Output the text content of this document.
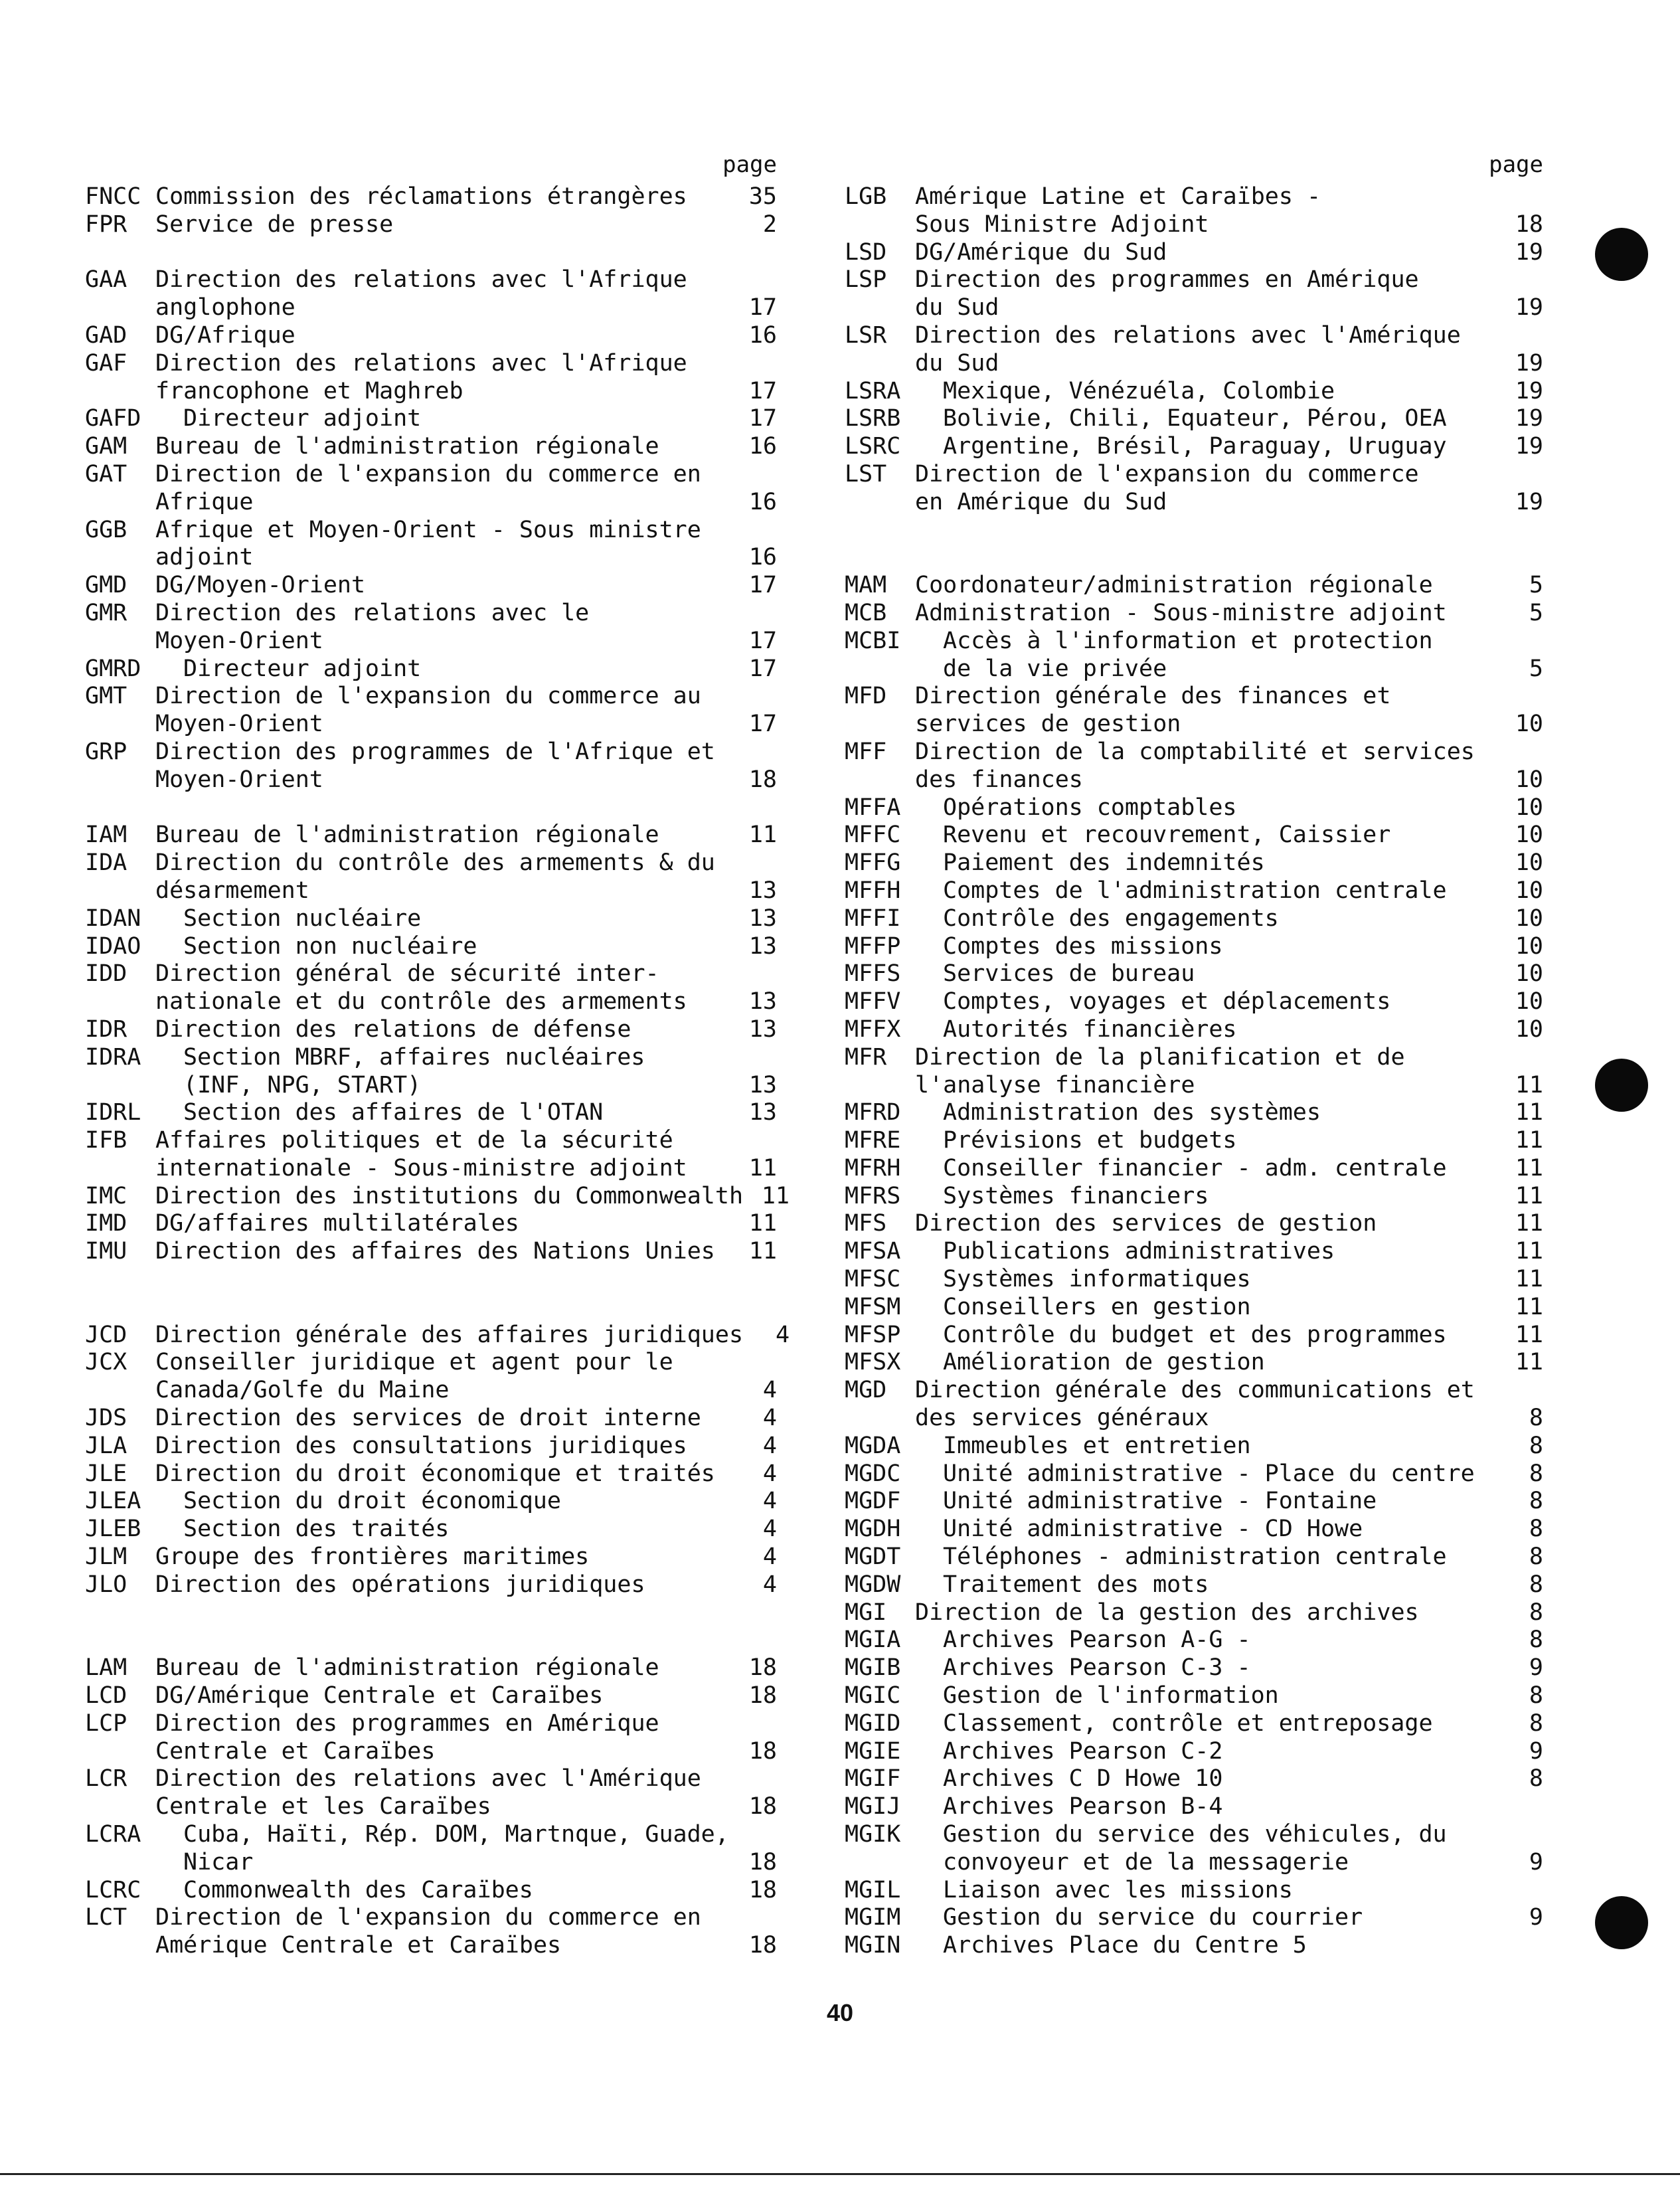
page
FNCC Commission des réclamations étrangères	35
FPR	Service de presse	2
GAA	Direction des relations avec l'Afrique
anglophone	17
GAD	DG/Afrique	16
GAF	Direction des relations avec l'Afrique
francophone et Maghreb	17
GAFD	Directeur adjoint	17
GAM	Bureau de l'administration régionale	16
GAT	Direction de l'expansion du commerce en
Afrique	16
GGB	Afrique et Moyen-Orient - Sous ministre
adjoint	16
GMD	DG/Moyen-Orient	17
GMR	Direction des relations avec le
Moyen-Orient	17
GMRD	Directeur adjoint	17
GMT	Direction de l'expansion du commerce au
Moyen-Orient	17
GRP	Direction des programmes de l'Afrique et
Moyen-Orient	18
IAM	Bureau de l'administration régionale	11
IDA	Direction du contrôle des armements & du
désarmement	13
IDAN	Section nucléaire	13
IDAO	Section non nucléaire	13
IDD	Direction général de sécurité inter-
nationale et du contrôle des armements	13
IDR	Direction des relations de défense	13
IDRA	Section MBRF, affaires nucléaires
(INF, NPG, START)	13
IDRL	Section des affaires de l'OTAN	13
IFB	Affaires politiques et de la sécurité
internationale - Sous-ministre adjoint	11
IMC	Direction des institutions du Commonwealth 11
IMD	DG/affaires multilatérales	11
IMU	Direction des affaires des Nations Unies	11
JCD	Direction générale des affaires juridiques	4
JCX	Conseiller juridique et agent pour le
Canada/Golfe du Maine	4
JDS	Direction des services de droit interne	4
JLA	Direction des consultations juridiques	4
JLE	Direction du droit économique et traités	4
JLEA	Section du droit économique	4
JLEB	Section des traités	4
JLM	Groupe des frontières maritimes	4
JLO	Direction des opérations juridiques	4
LAM	Bureau de l'administration régionale	18
LCD	DG/Amérique Centrale et Caraïbes	18
LCP	Direction des programmes en Amérique
Centrale et Caraïbes	18
LCR	Direction des relations avec l'Amérique
Centrale et les Caraïbes	18
LCRA	Cuba, Haïti, Rép. DOM, Martnque, Guade,
Nicar	18
LCRC	Commonwealth des Caraïbes	18
LCT	Direction de l'expansion du commerce en
Amérique Centrale et Caraïbes	18
page
LGB	Amérique Latine et Caraïbes -
Sous Ministre Adjoint	18
LSD	DG/Amérique du Sud	19
LSP	Direction des programmes en Amérique
du Sud	19
LSR	Direction des relations avec l'Amérique
du Sud	19
LSRA	Mexique, Vénézuéla, Colombie	19
LSRB	Bolivie, Chili, Equateur, Pérou, OEA	19
LSRC	Argentine, Brésil, Paraguay, Uruguay	19
LST	Direction de l'expansion du commerce
en Amérique du Sud	19
MAM	Coordonateur/administration régionale	5
MCB	Administration - Sous-ministre adjoint	5
MCBI	Accès à l'information et protection
de la vie privée	5
MFD	Direction générale des finances et
services de gestion	10
MFF	Direction de la comptabilité et services
des finances	10
MFFA	Opérations comptables	10
MFFC	Revenu et recouvrement, Caissier	10
MFFG	Paiement des indemnités	10
MFFH	Comptes de l'administration centrale	10
MFFI	Contrôle des engagements	10
MFFP	Comptes des missions	10
MFFS	Services de bureau	10
MFFV	Comptes, voyages et déplacements	10
MFFX	Autorités financières	10
MFR	Direction de la planification et de
l'analyse financière	11
MFRD	Administration des systèmes	11
MFRE	Prévisions et budgets	11
MFRH	Conseiller financier - adm. centrale	11
MFRS	Systèmes financiers	11
MFS	Direction des services de gestion	11
MFSA	Publications administratives	11
MFSC	Systèmes informatiques	11
MFSM	Conseillers en gestion	11
MFSP	Contrôle du budget et des programmes	11
MFSX	Amélioration de gestion	11
MGD	Direction générale des communications et
des services généraux	8
MGDA	Immeubles et entretien	8
MGDC	Unité administrative - Place du centre	8
MGDF	Unité administrative - Fontaine	8
MGDH	Unité administrative - CD Howe	8
MGDT	Téléphones - administration centrale	8
MGDW	Traitement des mots	8
MGI	Direction de la gestion des archives	8
MGIA	Archives Pearson A-G -	8
MGIB	Archives Pearson C-3 -	9
MGIC	Gestion de l'information	8
MGID	Classement, contrôle et entreposage	8
MGIE	Archives Pearson C-2	9
MGIF	Archives C D Howe 10	8
MGIJ	Archives Pearson B-4
MGIK	Gestion du service des véhicules, du
convoyeur et de la messagerie	9
MGIL	Liaison avec les missions
MGIM	Gestion du service du courrier	9
MGIN	Archives Place du Centre 5
40
